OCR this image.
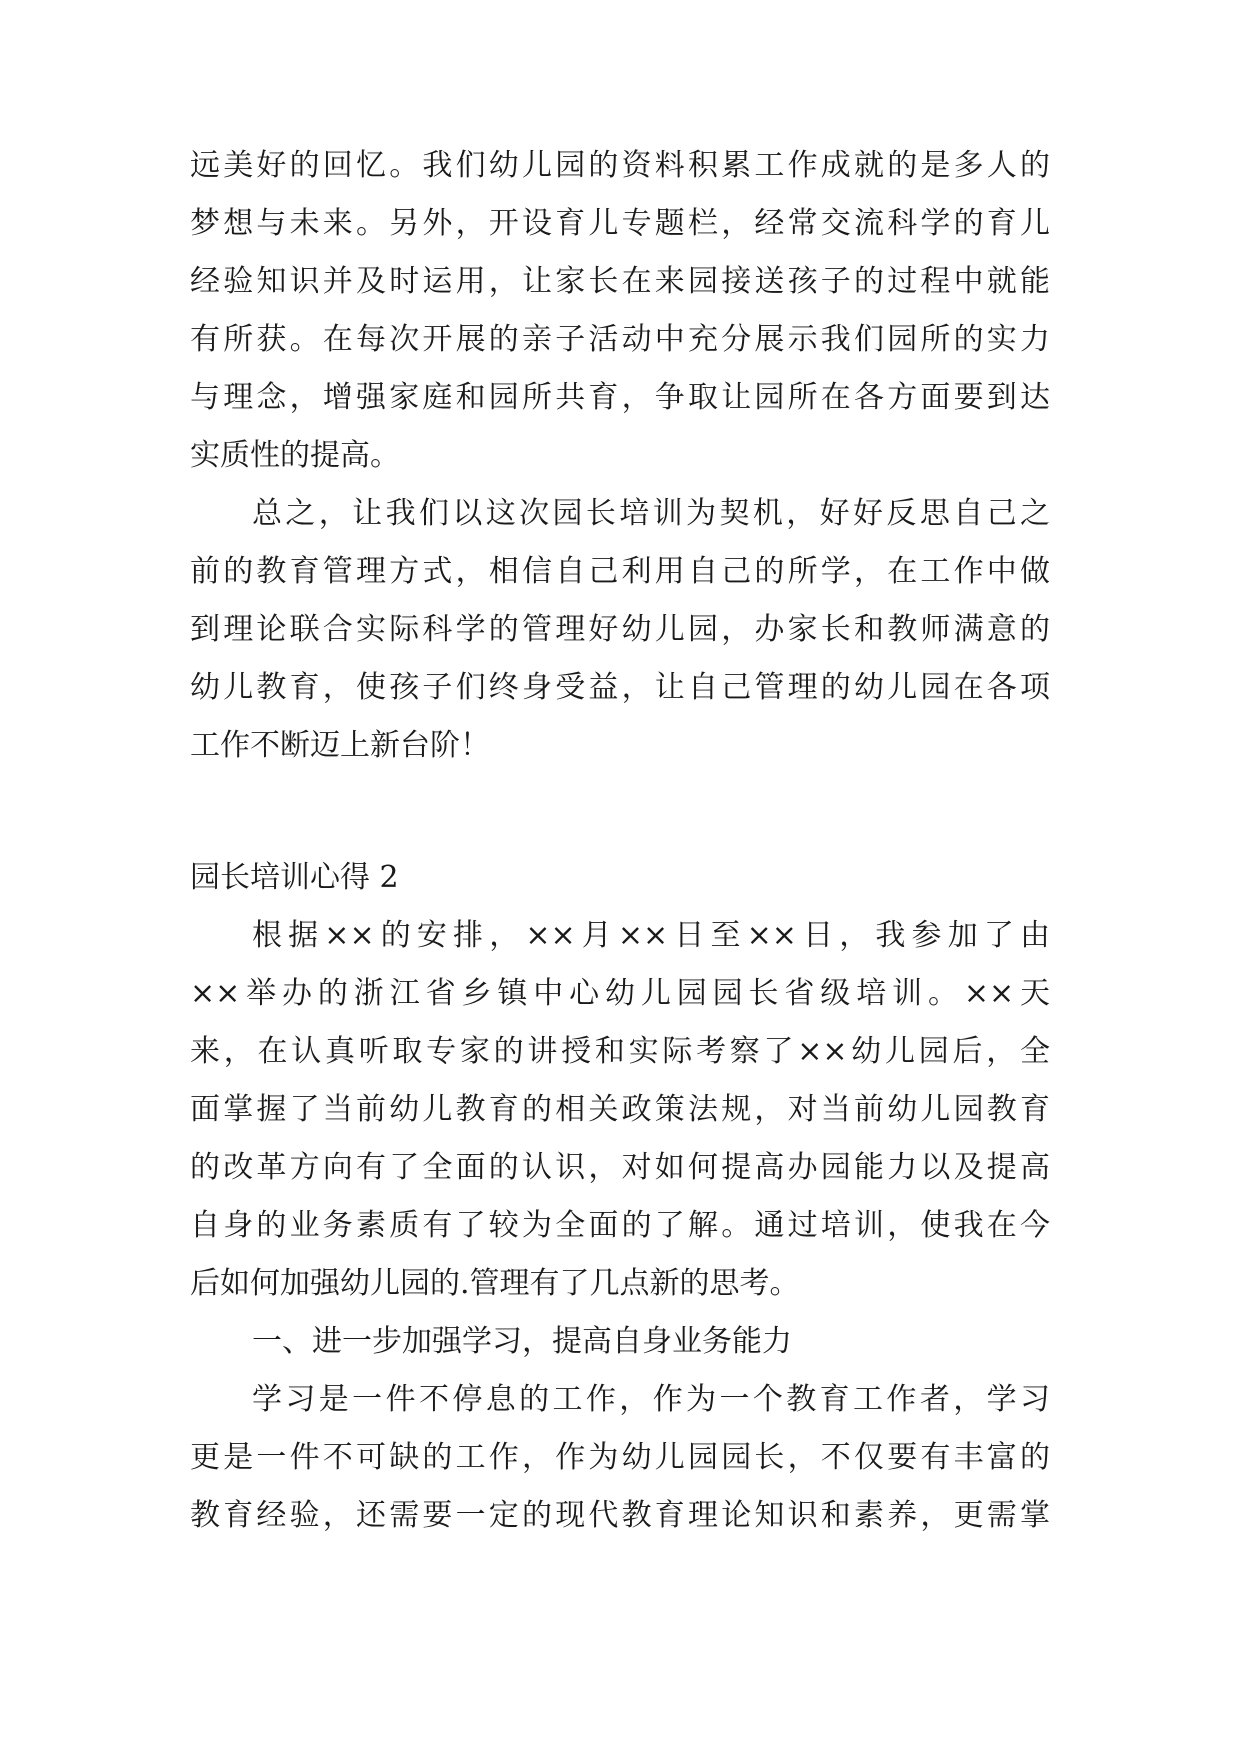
远美好的回忆。我们幼儿园的资料积累工作成就的是多人的
梦想与未来。另外，开设育儿专题栏，经常交流科学的育儿
经验知识并及时运用，让家长在来园接送孩子的过程中就能
有所获。在每次开展的亲子活动中充分展示我们园所的实力
与理念，增强家庭和园所共育，争取让园所在各方面要到达
实质性的提高。
总之，让我们以这次园长培训为契机，好好反思自己之
前的教育管理方式，相信自己利用自己的所学，在工作中做
到理论联合实际科学的管理好幼儿园，办家长和教师满意的
幼儿教育，使孩子们终身受益，让自己管理的幼儿园在各项
工作不断迈上新台阶！
园长培训心得 2
根据××的安排，××月××日至××日，我参加了由
××举办的浙江省乡镇中心幼儿园园长省级培训。××天
来，在认真听取专家的讲授和实际考察了××幼儿园后，全
面掌握了当前幼儿教育的相关政策法规，对当前幼儿园教育
的改革方向有了全面的认识，对如何提高办园能力以及提高
自身的业务素质有了较为全面的了解。通过培训，使我在今
后如何加强幼儿园的.管理有了几点新的思考。
一、进一步加强学习，提高自身业务能力
学习是一件不停息的工作，作为一个教育工作者，学习
更是一件不可缺的工作，作为幼儿园园长，不仅要有丰富的
教育经验，还需要一定的现代教育理论知识和素养，更需掌
